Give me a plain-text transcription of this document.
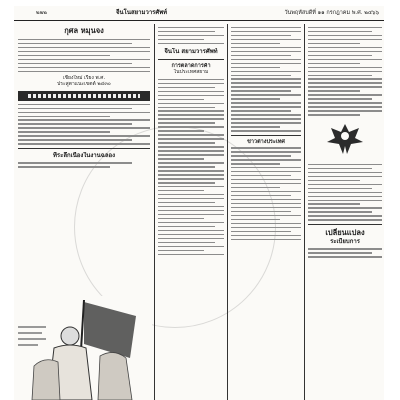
๒๒๒	จีนโนสยามวารศัพท์	วันพฤหัสบดีที่ ๑๑ กรกฎาคม พ.ศ. ๒๔๖๖
กุศล หมุนจง
เชียงใหม่ เรียง พ.ศ.
ประสูตาแนะเขตต์ ๒๔๓๐
ที่ระลึกเนื่องในงานฉลอง
จีนโน สยามวารศัพท์
การตลาดการค้า
ในประเทศสยาม
ข่าวต่างประเทศ
เปลี่ยนแปลง
ระเบียบการ
